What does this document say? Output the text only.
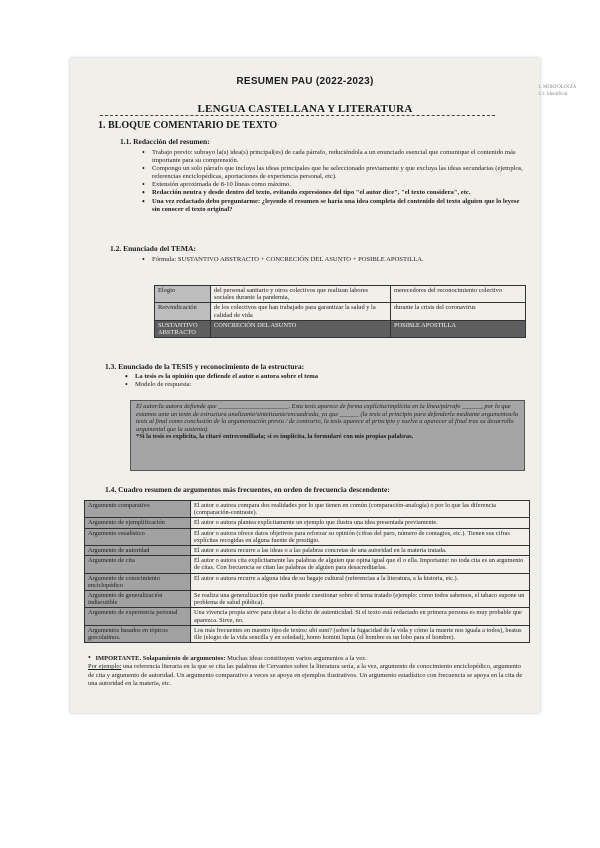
1. MORFOLOGÍA
1.1. Identificar
RESUMEN PAU (2022-2023)
LENGUA CASTELLANA Y LITERATURA
1. BLOQUE COMENTARIO DE TEXTO
1.1. Redacción del resumen:
• Trabajo previo: subrayo la(s) idea(s) principal(es) de cada párrafo, reduciéndola a un enunciado esencial que comunique el contenido más importante para su comprensión.
• Compongo un solo párrafo que incluya las ideas principales que he seleccionado previamente y que excluya las ideas secundarias (ejemplos, referencias enciclopédicas, aportaciones de experiencia personal, etc).
• Extensión aproximada de 8-10 líneas como máximo.
• Redacción neutra y desde dentro del texto, evitando expresiones del tipo "el autor dice", "el texto considera", etc.
• Una vez redactado debo preguntarme: ¿leyendo el resumen se haría una idea completa del contenido del texto alguien que lo leyese sin conocer el texto original?
1.2. Enunciado del TEMA:
• Fórmula: SUSTANTIVO ABSTRACTO + CONCRECIÓN DEL ASUNTO + POSIBLE APOSTILLA.
Elogio	del personal sanitario y otros colectivos que realizan labores sociales durante la pandemia,	merecedores del reconocimiento colectivo
Reivindicación	de los colectivos que han trabajado para garantizar la salud y la calidad de vida	durante la crisis del coronavirus
SUSTANTIVO ABSTRACTO	CONCRECIÓN DEL ASUNTO	POSIBLE APOSTILLA
1.3. Enunciado de la TESIS y reconocimiento de la estructura:
• La tesis es la opinión que defiende el autor o autora sobre el tema
• Modelo de respuesta:
El autor/la autora defiende que ______________________. Esta tesis aparece de forma explícita/implícita en la línea/párrafo ______, por lo que estamos ante un texto de estructura analizante/sintetizante/encuadrada, ya que ______ (la tesis al principio para defenderla mediante argumentos/la tesis al final como conclusión de la argumentación previa / de contrario, la tesis aparece al principio y vuelve a aparecer al final tras su desarrollo argumental que la sustenta).
*Si la tesis es explícita, la citaré entrecomillada; si es implícita, la formularé con mis propias palabras.
1.4. Cuadro resumen de argumentos más frecuentes, en orden de frecuencia descendente:
Argumento comparativo	El autor o autora compara dos realidades por lo que tienen en común (comparación-analogía) o por lo que las diferencia (comparación-contraste).
Argumento de ejemplificación	El autor o autora plantea explícitamente un ejemplo que ilustra una idea presentada previamente.
Argumento estadístico	El autor o autora ofrece datos objetivos para reforzar su opinión (cifras del paro, número de contagios, etc.). Tienen sus cifras explícitas recogidas en alguna fuente de prestigio.
Argumento de autoridad	El autor o autora recurre a las ideas o a las palabras concretas de una autoridad en la materia tratada.
Argumento de cita	El autor o autora cita explícitamente las palabras de alguien que opina igual que él o ella. Importante: no toda cita es un argumento de citas. Con frecuencia se citan las palabras de alguien para desacreditarlas.
Argumento de conocimiento enciclopédico	El autor o autora recurre a alguna idea de su bagaje cultural (referencias a la literatura, a la historia, etc.).
Argumento de generalización indiscutible	Se realiza una generalización que nadie puede cuestionar sobre el tema tratado (ejemplo: como todos sabemos, el tabaco supone un problema de salud pública).
Argumento de experiencia personal	Una vivencia propia sirve para dotar a lo dicho de autenticidad. Si el texto está redactado en primera persona es muy probable que aparezca. Sirve, no.
Argumentos basados en tópicos grecolatinos.	Los más frecuentes en nuestro tipo de textos: ubi sunt? (sobre la fugacidad de la vida y cómo la muerte nos iguala a todos), beatus ille (elogio de la vida sencilla y en soledad), homo homini lupus (el hombre es un lobo para el hombre).
• IMPORTANTE. Solapamiento de argumentos: Muchas ideas constituyen varios argumentos a la vez.
Por ejemplo: una referencia literaria en la que se cita las palabras de Cervantes sobre la literatura sería, a la vez, argumento de conocimiento enciclopédico, argumento de cita y argumento de autoridad. Un argumento comparativo a veces se apoya en ejemplos ilustrativos. Un argumento estadístico con frecuencia se apoya en la cita de una autoridad en la materia, etc.
